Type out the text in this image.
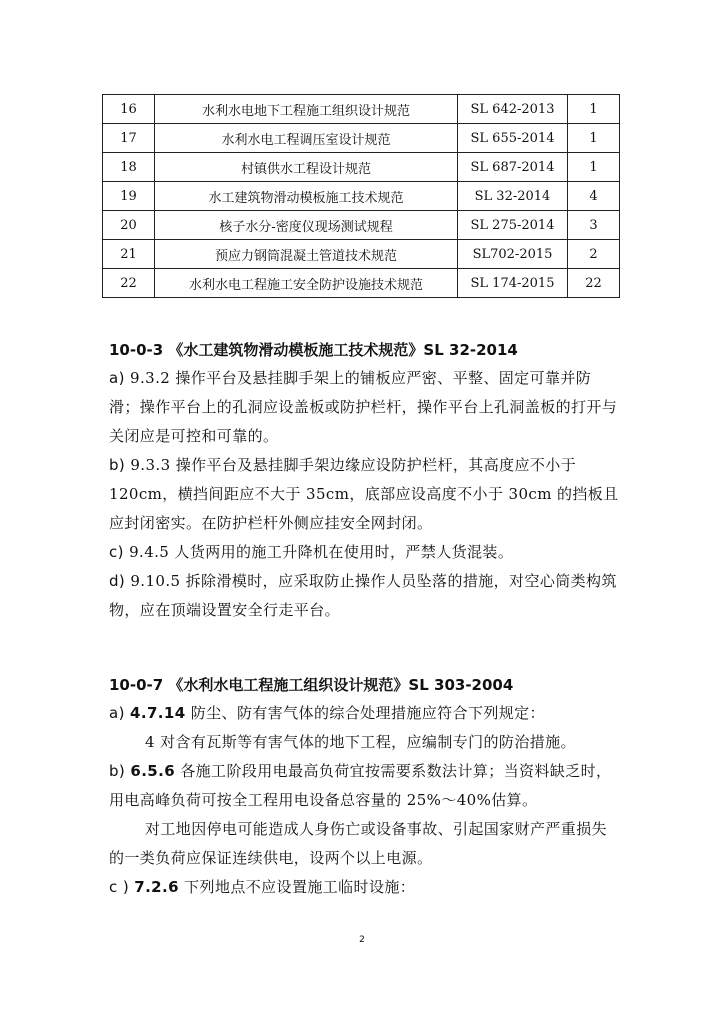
16	水利水电地下工程施工组织设计规范	SL 642-2013	1
17	水利水电工程调压室设计规范	SL 655-2014	1
18	村镇供水工程设计规范	SL 687-2014	1
19	水工建筑物滑动模板施工技术规范	SL 32-2014	4
20	核子水分-密度仪现场测试规程	SL 275-2014	3
21	预应力钢筒混凝土管道技术规范	SL702-2015	2
22	水利水电工程施工安全防护设施技术规范	SL 174-2015	22
10-0-3 《水工建筑物滑动模板施工技术规范》SL 32-2014
a) 9.3.2 操作平台及悬挂脚手架上的铺板应严密、平整、固定可靠并防滑；操作平台上的孔洞应设盖板或防护栏杆，操作平台上孔洞盖板的打开与关闭应是可控和可靠的。
b) 9.3.3 操作平台及悬挂脚手架边缘应设防护栏杆，其高度应不小于 120cm，横挡间距应不大于 35cm，底部应设高度不小于 30cm 的挡板且应封闭密实。在防护栏杆外侧应挂安全网封闭。
c) 9.4.5 人货两用的施工升降机在使用时，严禁人货混装。
d) 9.10.5 拆除滑模时，应采取防止操作人员坠落的措施，对空心筒类构筑物，应在顶端设置安全行走平台。
10-0-7 《水利水电工程施工组织设计规范》SL 303-2004
a) 4.7.14 防尘、防有害气体的综合处理措施应符合下列规定：
4 对含有瓦斯等有害气体的地下工程，应编制专门的防治措施。
b) 6.5.6 各施工阶段用电最高负荷宜按需要系数法计算；当资料缺乏时，用电高峰负荷可按全工程用电设备总容量的 25%～40%估算。
对工地因停电可能造成人身伤亡或设备事故、引起国家财产严重损失的一类负荷应保证连续供电，设两个以上电源。
c ) 7.2.6 下列地点不应设置施工临时设施：
2
